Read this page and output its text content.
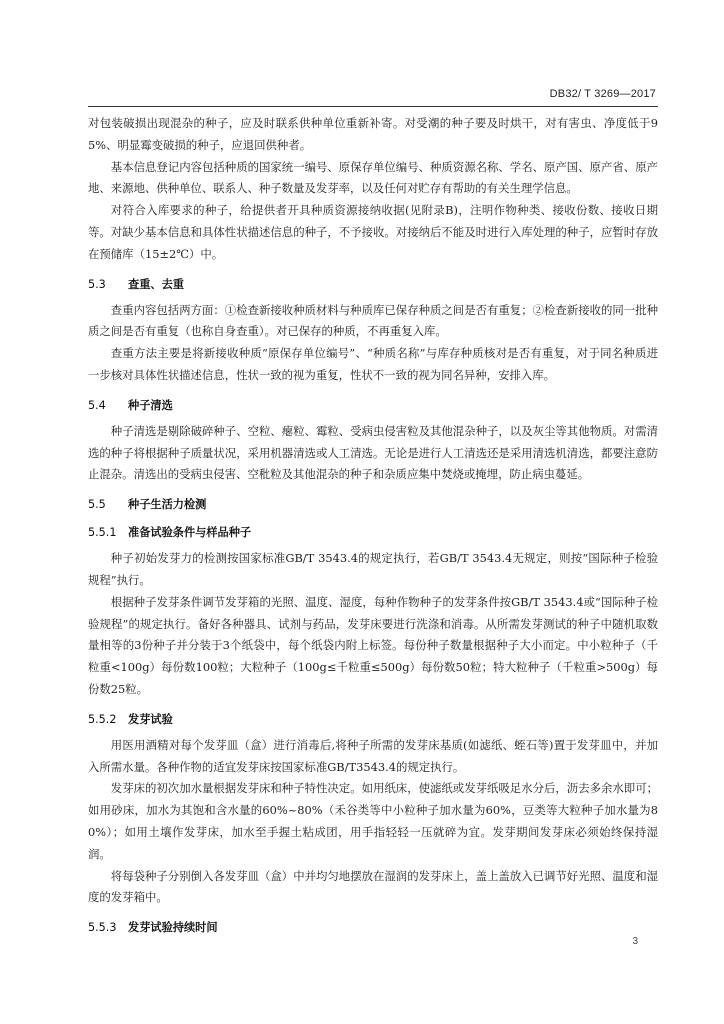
DB32/ T 3269—2017

对包装破损出现混杂的种子，应及时联系供种单位重新补寄。对受潮的种子要及时烘干，对有害虫、净度低于95%、明显霉变破损的种子，应退回供种者。

基本信息登记内容包括种质的国家统一编号、原保存单位编号、种质资源名称、学名、原产国、原产省、原产地、来源地、供种单位、联系人、种子数量及发芽率，以及任何对贮存有帮助的有关生理学信息。

对符合入库要求的种子，给提供者开具种质资源接纳收据(见附录B)，注明作物种类、接收份数、接收日期等。对缺少基本信息和具体性状描述信息的种子，不予接收。对接纳后不能及时进行入库处理的种子，应暂时存放在预储库（15±2℃）中。

5.3 查重、去重

查重内容包括两方面：①检查新接收种质材料与种质库已保存种质之间是否有重复；②检查新接收的同一批种质之间是否有重复（也称自身查重）。对已保存的种质，不再重复入库。

查重方法主要是将新接收种质“原保存单位编号”、“种质名称”与库存种质核对是否有重复，对于同名种质进一步核对具体性状描述信息，性状一致的视为重复，性状不一致的视为同名异种，安排入库。

5.4 种子清选

种子清选是剔除破碎种子、空粒、瘪粒、霉粒、受病虫侵害粒及其他混杂种子，以及灰尘等其他物质。对需清选的种子将根据种子质量状况，采用机器清选或人工清选。无论是进行人工清选还是采用清选机清选，都要注意防止混杂。清选出的受病虫侵害、空秕粒及其他混杂的种子和杂质应集中焚烧或掩埋，防止病虫蔓延。

5.5 种子生活力检测
5.5.1 准备试验条件与样品种子

种子初始发芽力的检测按国家标准GB/T 3543.4的规定执行，若GB/T 3543.4无规定，则按“国际种子检验规程”执行。

根据种子发芽条件调节发芽箱的光照、温度、湿度，每种作物种子的发芽条件按GB/T 3543.4或“国际种子检验规程”的规定执行。备好各种器具、试剂与药品，发芽床要进行洗涤和消毒。从所需发芽测试的种子中随机取数量相等的3份种子并分装于3个纸袋中，每个纸袋内附上标签。每份种子数量根据种子大小而定。中小粒种子（千粒重<100g）每份数100粒；大粒种子（100g≤千粒重≤500g）每份数50粒；特大粒种子（千粒重>500g）每份数25粒。

5.5.2 发芽试验

用医用酒精对每个发芽皿（盒）进行消毒后,将种子所需的发芽床基质(如滤纸、蛭石等)置于发芽皿中，并加入所需水量。各种作物的适宜发芽床按国家标准GB/T3543.4的规定执行。

发芽床的初次加水量根据发芽床和种子特性决定。如用纸床，使滤纸或发芽纸吸足水分后，沥去多余水即可；如用砂床，加水为其饱和含水量的60%~80%（禾谷类等中小粒种子加水量为60%，豆类等大粒种子加水量为80%）；如用土壤作发芽床，加水至手握土粘成团，用手指轻轻一压就碎为宜。发芽期间发芽床必须始终保持湿润。

将每袋种子分别倒入各发芽皿（盒）中并均匀地摆放在湿润的发芽床上，盖上盖放入已调节好光照、温度和湿度的发芽箱中。

5.5.3 发芽试验持续时间
3
